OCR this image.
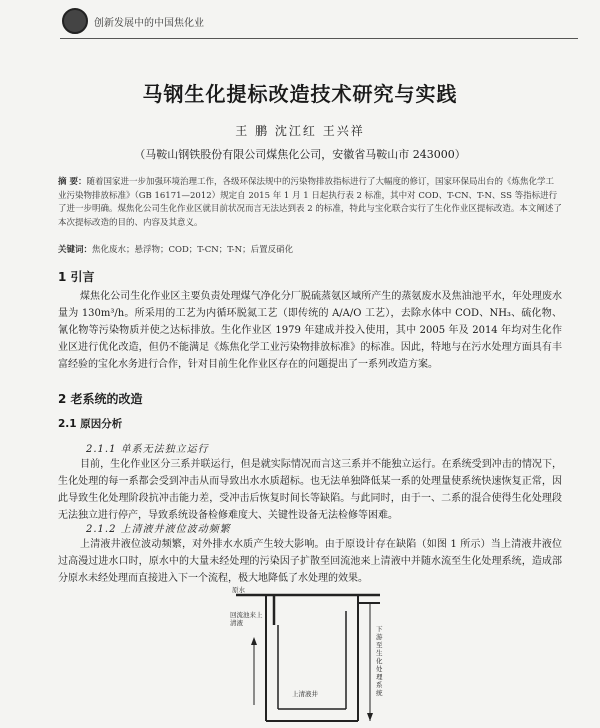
创新发展中的中国焦化业
马钢生化提标改造技术研究与实践
王 鹏 沈江红 王兴祥
（马鞍山钢铁股份有限公司煤焦化公司，安徽省马鞍山市 243000）
摘 要：随着国家进一步加强环境治理工作，各级环保法规中的污染物排放指标进行了大幅度的修订，国家环保局出台的《炼焦化学工业污染物排放标准》（GB 16171—2012）规定自 2015 年 1 月 1 日起执行表 2 标准，其中对 COD、T-CN、T-N、SS 等指标进行了进一步明确。煤焦化公司生化作业区就目前状况而言无法达到表 2 的标准，特此与宝化联合实行了生化作业区提标改造。本文阐述了本次提标改造的目的、内容及其意义。
关键词：焦化废水；悬浮物；COD；T-CN；T-N；后置反硝化
1 引言
煤焦化公司生化作业区主要负责处理煤气净化分厂脱硫蒸氨区域所产生的蒸氨废水及焦油池平水，年处理废水量为 130m³/h。所采用的工艺为内循环脱氮工艺（即传统的 A/A/O 工艺），去除水体中 COD、NH₃、硫化物、氰化物等污染物质并使之达标排放。生化作业区 1979 年建成并投入使用，其中 2005 年及 2014 年均对生化作业区进行优化改造，但仍不能满足《炼焦化学工业污染物排放标准》的标准。因此，特地与在污水处理方面具有丰富经验的宝化水务进行合作，针对目前生化作业区存在的问题提出了一系列改造方案。
2 老系统的改造
2.1 原因分析
2.1.1 单系无法独立运行
目前，生化作业区分三系并联运行，但是就实际情况而言这三系并不能独立运行。在系统受到冲击的情况下，生化处理的每一系都会受到冲击从而导致出水水质超标。也无法单独降低某一系的处理量使系统快速恢复正常，因此导致生化处理阶段抗冲击能力差，受冲击后恢复时间长等缺陷。与此同时，由于一、二系的混合使得生化处理段无法独立进行停产，导致系统设备检修难度大、关键性设备无法检修等困难。
2.1.2 上清液井液位波动频繁
上清液井液位波动频繁，对外排水水质产生较大影响。由于原设计存在缺陷（如图 1 所示）当上清液井液位过高漫过进水口时，原水中的大量未经处理的污染因子扩散至回流池来上清液中并随水流至生化处理系统，造成部分原水未经处理而直接进入下一个流程，极大地降低了水处理的效果。
原水
回流池来上清液
上清液井
下游至生化处理系统
